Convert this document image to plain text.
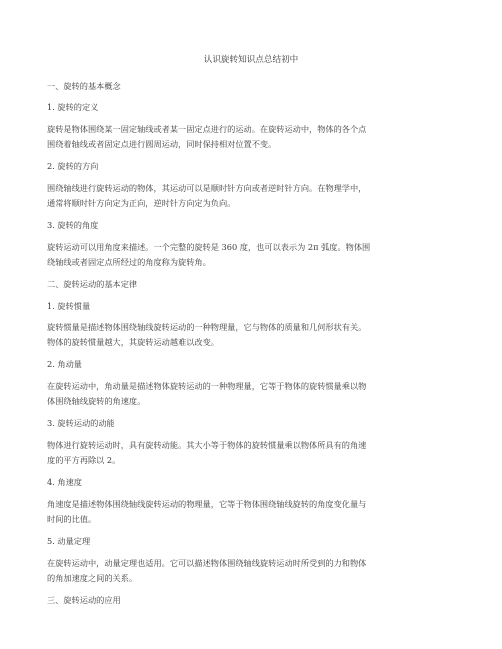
认识旋转知识点总结初中
一、旋转的基本概念
1. 旋转的定义
旋转是物体围绕某一固定轴线或者某一固定点进行的运动。在旋转运动中，物体的各个点
围绕着轴线或者固定点进行圆周运动，同时保持相对位置不变。
2. 旋转的方向
围绕轴线进行旋转运动的物体，其运动可以是顺时针方向或者逆时针方向。在物理学中，
通常将顺时针方向定为正向，逆时针方向定为负向。
3. 旋转的角度
旋转运动可以用角度来描述。一个完整的旋转是 360 度，也可以表示为 2π 弧度。物体围
绕轴线或者固定点所经过的角度称为旋转角。
二、旋转运动的基本定律
1. 旋转惯量
旋转惯量是描述物体围绕轴线旋转运动的一种物理量，它与物体的质量和几何形状有关。
物体的旋转惯量越大，其旋转运动越难以改变。
2. 角动量
在旋转运动中，角动量是描述物体旋转运动的一种物理量，它等于物体的旋转惯量乘以物
体围绕轴线旋转的角速度。
3. 旋转运动的动能
物体进行旋转运动时，具有旋转动能。其大小等于物体的旋转惯量乘以物体所具有的角速
度的平方再除以 2。
4. 角速度
角速度是描述物体围绕轴线旋转运动的物理量，它等于物体围绕轴线旋转的角度变化量与
时间的比值。
5. 动量定理
在旋转运动中，动量定理也适用。它可以描述物体围绕轴线旋转运动时所受到的力和物体
的角加速度之间的关系。
三、旋转运动的应用
